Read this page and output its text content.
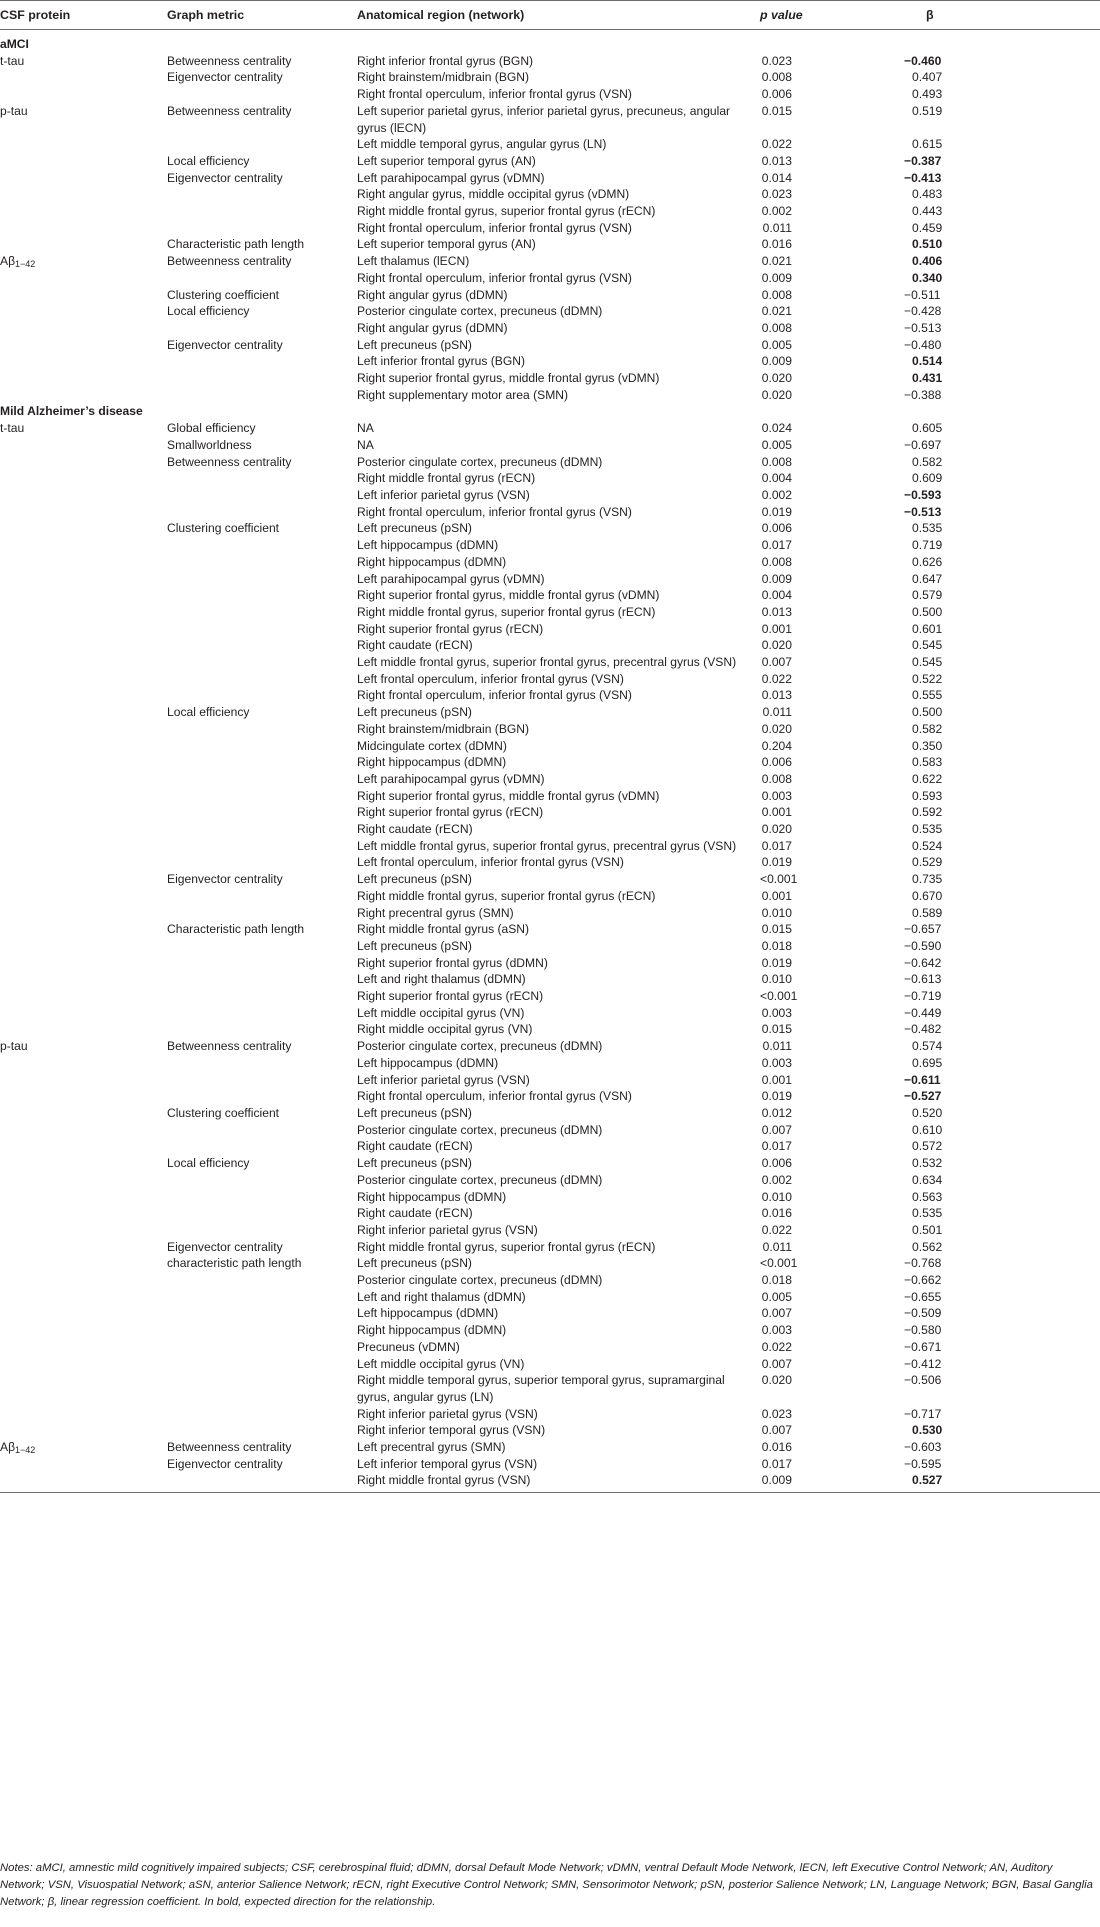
CSF protein	Graph metric	Anatomical region (network)	p value	β

aMCI				
t-tau	Betweenness centrality	Right inferior frontal gyrus (BGN)	0.023	−0.460
	Eigenvector centrality	Right brainstem/midbrain (BGN)	0.008	0.407
		Right frontal operculum, inferior frontal gyrus (VSN)	0.006	0.493
p-tau	Betweenness centrality	Left superior parietal gyrus, inferior parietal gyrus, precuneus, angular gyrus (lECN)	0.015	0.519
		Left middle temporal gyrus, angular gyrus (LN)	0.022	0.615
	Local efficiency	Left superior temporal gyrus (AN)	0.013	−0.387
	Eigenvector centrality	Left parahipocampal gyrus (vDMN)	0.014	−0.413
		Right angular gyrus, middle occipital gyrus (vDMN)	0.023	0.483
		Right middle frontal gyrus, superior frontal gyrus (rECN)	0.002	0.443
		Right frontal operculum, inferior frontal gyrus (VSN)	0.011	0.459
	Characteristic path length	Left superior temporal gyrus (AN)	0.016	0.510
$A\beta_{1-42}$	Betweenness centrality	Left thalamus (lECN)	0.021	0.406
		Right frontal operculum, inferior frontal gyrus (VSN)	0.009	0.340
	Clustering coefficient	Right angular gyrus (dDMN)	0.008	−0.511
	Local efficiency	Posterior cingulate cortex, precuneus (dDMN)	0.021	−0.428
		Right angular gyrus (dDMN)	0.008	−0.513
	Eigenvector centrality	Left precuneus (pSN)	0.005	−0.480
		Left inferior frontal gyrus (BGN)	0.009	0.514
		Right superior frontal gyrus, middle frontal gyrus (vDMN)	0.020	0.431
		Right supplementary motor area (SMN)	0.020	−0.388
Mild Alzheimer’s disease				
t-tau	Global efficiency	NA	0.024	0.605
	Smallworldness	NA	0.005	−0.697
	Betweenness centrality	Posterior cingulate cortex, precuneus (dDMN)	0.008	0.582
		Right middle frontal gyrus (rECN)	0.004	0.609
		Left inferior parietal gyrus (VSN)	0.002	−0.593
		Right frontal operculum, inferior frontal gyrus (VSN)	0.019	−0.513
	Clustering coefficient	Left precuneus (pSN)	0.006	0.535
		Left hippocampus (dDMN)	0.017	0.719
		Right hippocampus (dDMN)	0.008	0.626
		Left parahipocampal gyrus (vDMN)	0.009	0.647
		Right superior frontal gyrus, middle frontal gyrus (vDMN)	0.004	0.579
		Right middle frontal gyrus, superior frontal gyrus (rECN)	0.013	0.500
		Right superior frontal gyrus (rECN)	0.001	0.601
		Right caudate (rECN)	0.020	0.545
		Left middle frontal gyrus, superior frontal gyrus, precentral gyrus (VSN)	0.007	0.545
		Left frontal operculum, inferior frontal gyrus (VSN)	0.022	0.522
		Right frontal operculum, inferior frontal gyrus (VSN)	0.013	0.555
	Local efficiency	Left precuneus (pSN)	0.011	0.500
		Right brainstem/midbrain (BGN)	0.020	0.582
		Midcingulate cortex (dDMN)	0.204	0.350
		Right hippocampus (dDMN)	0.006	0.583
		Left parahipocampal gyrus (vDMN)	0.008	0.622
		Right superior frontal gyrus, middle frontal gyrus (vDMN)	0.003	0.593
		Right superior frontal gyrus (rECN)	0.001	0.592
		Right caudate (rECN)	0.020	0.535
		Left middle frontal gyrus, superior frontal gyrus, precentral gyrus (VSN)	0.017	0.524
		Left frontal operculum, inferior frontal gyrus (VSN)	0.019	0.529
	Eigenvector centrality	Left precuneus (pSN)	<0.001	0.735
		Right middle frontal gyrus, superior frontal gyrus (rECN)	0.001	0.670
		Right precentral gyrus (SMN)	0.010	0.589
	Characteristic path length	Right middle frontal gyrus (aSN)	0.015	−0.657
		Left precuneus (pSN)	0.018	−0.590
		Right superior frontal gyrus (dDMN)	0.019	−0.642
		Left and right thalamus (dDMN)	0.010	−0.613
		Right superior frontal gyrus (rECN)	<0.001	−0.719
		Left middle occipital gyrus (VN)	0.003	−0.449
		Right middle occipital gyrus (VN)	0.015	−0.482
p-tau	Betweenness centrality	Posterior cingulate cortex, precuneus (dDMN)	0.011	0.574
		Left hippocampus (dDMN)	0.003	0.695
		Left inferior parietal gyrus (VSN)	0.001	−0.611
		Right frontal operculum, inferior frontal gyrus (VSN)	0.019	−0.527
	Clustering coefficient	Left precuneus (pSN)	0.012	0.520
		Posterior cingulate cortex, precuneus (dDMN)	0.007	0.610
		Right caudate (rECN)	0.017	0.572
	Local efficiency	Left precuneus (pSN)	0.006	0.532
		Posterior cingulate cortex, precuneus (dDMN)	0.002	0.634
		Right hippocampus (dDMN)	0.010	0.563
		Right caudate (rECN)	0.016	0.535
		Right inferior parietal gyrus (VSN)	0.022	0.501
	Eigenvector centrality	Right middle frontal gyrus, superior frontal gyrus (rECN)	0.011	0.562
	characteristic path length	Left precuneus (pSN)	<0.001	−0.768
		Posterior cingulate cortex, precuneus (dDMN)	0.018	−0.662
		Left and right thalamus (dDMN)	0.005	−0.655
		Left hippocampus (dDMN)	0.007	−0.509
		Right hippocampus (dDMN)	0.003	−0.580
		Precuneus (vDMN)	0.022	−0.671
		Left middle occipital gyrus (VN)	0.007	−0.412
		Right middle temporal gyrus, superior temporal gyrus, supramarginal gyrus, angular gyrus (LN)	0.020	−0.506
		Right inferior parietal gyrus (VSN)	0.023	−0.717
		Right inferior temporal gyrus (VSN)	0.007	0.530
$A\beta_{1-42}$	Betweenness centrality	Left precentral gyrus (SMN)	0.016	−0.603
	Eigenvector centrality	Left inferior temporal gyrus (VSN)	0.017	−0.595
		Right middle frontal gyrus (VSN)	0.009	0.527
Notes: aMCI, amnestic mild cognitively impaired subjects; CSF, cerebrospinal fluid; dDMN, dorsal Default Mode Network; vDMN, ventral Default Mode Network, lECN, left Executive Control Network; AN, Auditory Network; VSN, Visuospatial Network; aSN, anterior Salience Network; rECN, right Executive Control Network; SMN, Sensorimotor Network; pSN, posterior Salience Network; LN, Language Network; BGN, Basal Ganglia Network; β, linear regression coefficient. In bold, expected direction for the relationship.
